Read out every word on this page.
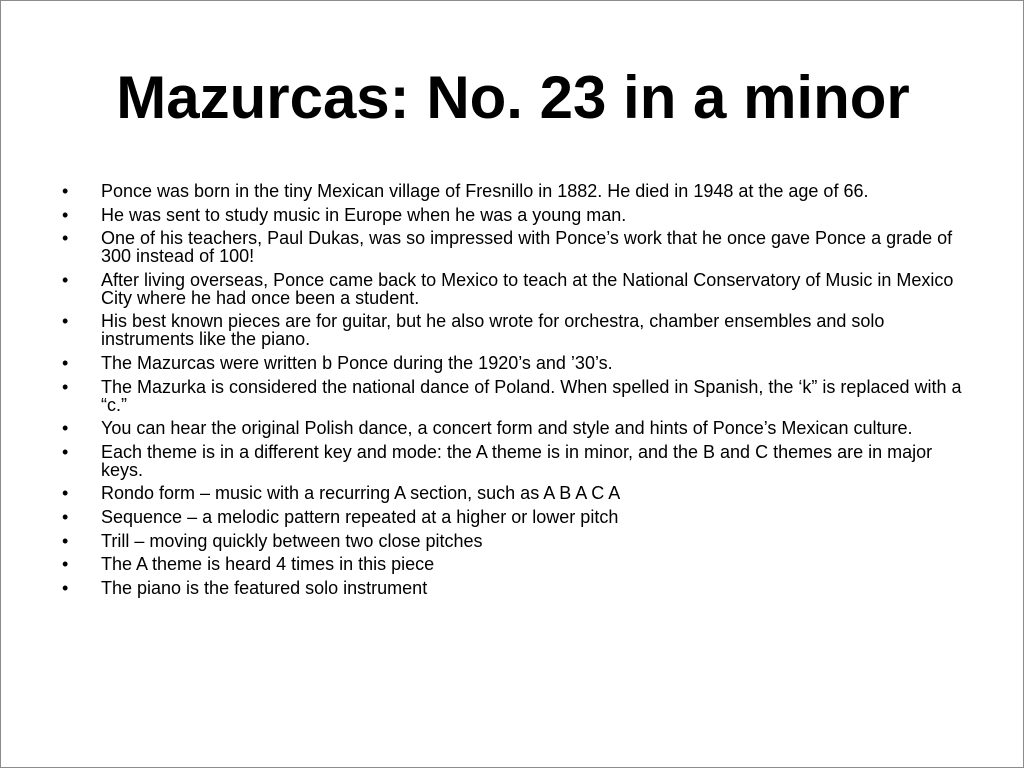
Mazurcas: No. 23 in a minor
•	Ponce was born in the tiny Mexican village of Fresnillo in 1882. He died in 1948 at the age of 66.
•	He was sent to study music in Europe when he was a young man.
•	One of his teachers, Paul Dukas, was so impressed with Ponce’s work that he once gave Ponce a grade of 300 instead of 100!
•	After living overseas, Ponce came back to Mexico to teach at the National Conservatory of Music in Mexico City where he had once been a student.
•	His best known pieces are for guitar, but he also wrote for orchestra, chamber ensembles and solo instruments like the piano.
•	The Mazurcas were written b Ponce during the 1920’s and ’30’s.
•	The Mazurka is considered the national dance of Poland. When spelled in Spanish, the ‘k” is replaced with a “c.”
•	You can hear the original Polish dance, a concert form and style and hints of Ponce’s Mexican culture.
•	Each theme is in a different key and mode: the A theme is in minor, and the B and C themes are in major keys.
•	Rondo form – music with a recurring A section, such as A B A C A
•	Sequence – a melodic pattern repeated at a higher or lower pitch
•	Trill – moving quickly between two close pitches
•	The A theme is heard 4 times in this piece
•	The piano is the featured solo instrument
